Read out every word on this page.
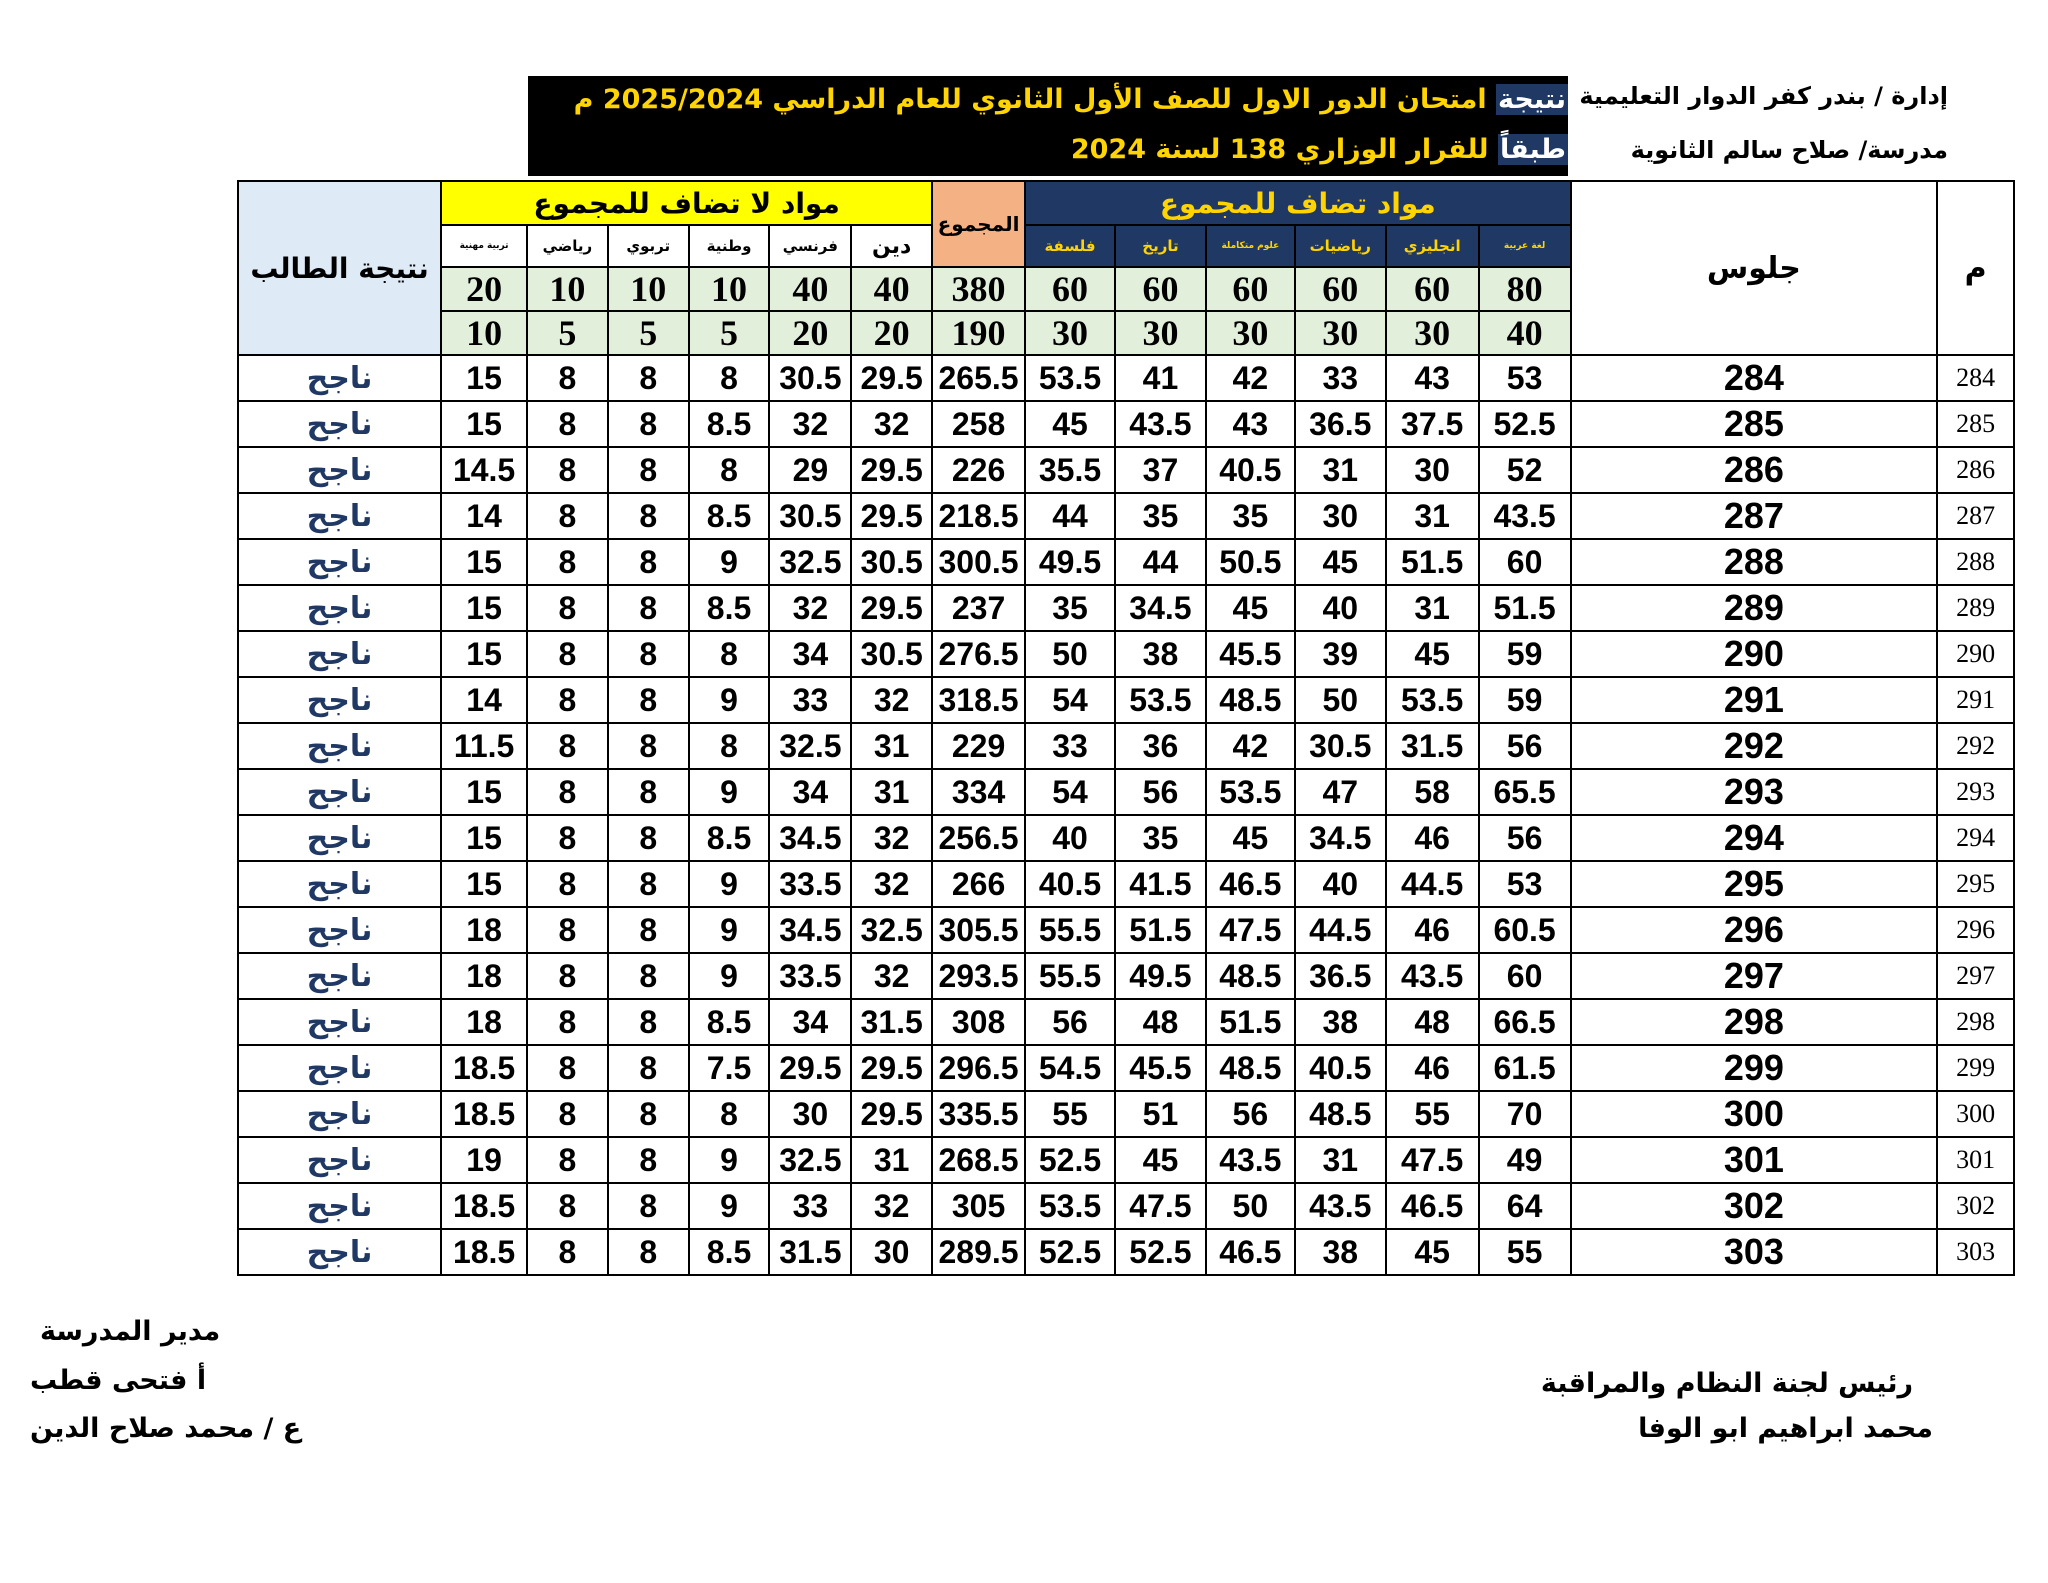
إدارة / بندر كفر الدوار التعليمية
مدرسة/ صلاح سالم الثانوية
نتيجة امتحان الدور الاول للصف الأول الثانوي للعام الدراسي 2025/2024 م
طبقاً للقرار الوزاري 138 لسنة 2024
م	جلوس	مواد تضاف للمجموع						المجموع	مواد لا تضاف للمجموع						نتيجة الطالب
		لغة عربية	انجليزي	رياضيات	علوم متكاملة	تاريخ	فلسفة		دين	فرنسي	وطنية	تربوي	رياضي	تربية مهنية	
		80	60	60	60	60	60	380	40	40	10	10	10	20	
		40	30	30	30	30	30	190	20	20	5	5	5	10	
284	284	53	43	33	42	41	53.5	265.5	29.5	30.5	8	8	8	15	ناجح
285	285	52.5	37.5	36.5	43	43.5	45	258	32	32	8.5	8	8	15	ناجح
286	286	52	30	31	40.5	37	35.5	226	29.5	29	8	8	8	14.5	ناجح
287	287	43.5	31	30	35	35	44	218.5	29.5	30.5	8.5	8	8	14	ناجح
288	288	60	51.5	45	50.5	44	49.5	300.5	30.5	32.5	9	8	8	15	ناجح
289	289	51.5	31	40	45	34.5	35	237	29.5	32	8.5	8	8	15	ناجح
290	290	59	45	39	45.5	38	50	276.5	30.5	34	8	8	8	15	ناجح
291	291	59	53.5	50	48.5	53.5	54	318.5	32	33	9	8	8	14	ناجح
292	292	56	31.5	30.5	42	36	33	229	31	32.5	8	8	8	11.5	ناجح
293	293	65.5	58	47	53.5	56	54	334	31	34	9	8	8	15	ناجح
294	294	56	46	34.5	45	35	40	256.5	32	34.5	8.5	8	8	15	ناجح
295	295	53	44.5	40	46.5	41.5	40.5	266	32	33.5	9	8	8	15	ناجح
296	296	60.5	46	44.5	47.5	51.5	55.5	305.5	32.5	34.5	9	8	8	18	ناجح
297	297	60	43.5	36.5	48.5	49.5	55.5	293.5	32	33.5	9	8	8	18	ناجح
298	298	66.5	48	38	51.5	48	56	308	31.5	34	8.5	8	8	18	ناجح
299	299	61.5	46	40.5	48.5	45.5	54.5	296.5	29.5	29.5	7.5	8	8	18.5	ناجح
300	300	70	55	48.5	56	51	55	335.5	29.5	30	8	8	8	18.5	ناجح
301	301	49	47.5	31	43.5	45	52.5	268.5	31	32.5	9	8	8	19	ناجح
302	302	64	46.5	43.5	50	47.5	53.5	305	32	33	9	8	8	18.5	ناجح
303	303	55	45	38	46.5	52.5	52.5	289.5	30	31.5	8.5	8	8	18.5	ناجح
رئيس لجنة النظام والمراقبة
محمد ابراهيم ابو الوفا
مدير المدرسة
أ فتحى قطب
ع / محمد صلاح الدين
